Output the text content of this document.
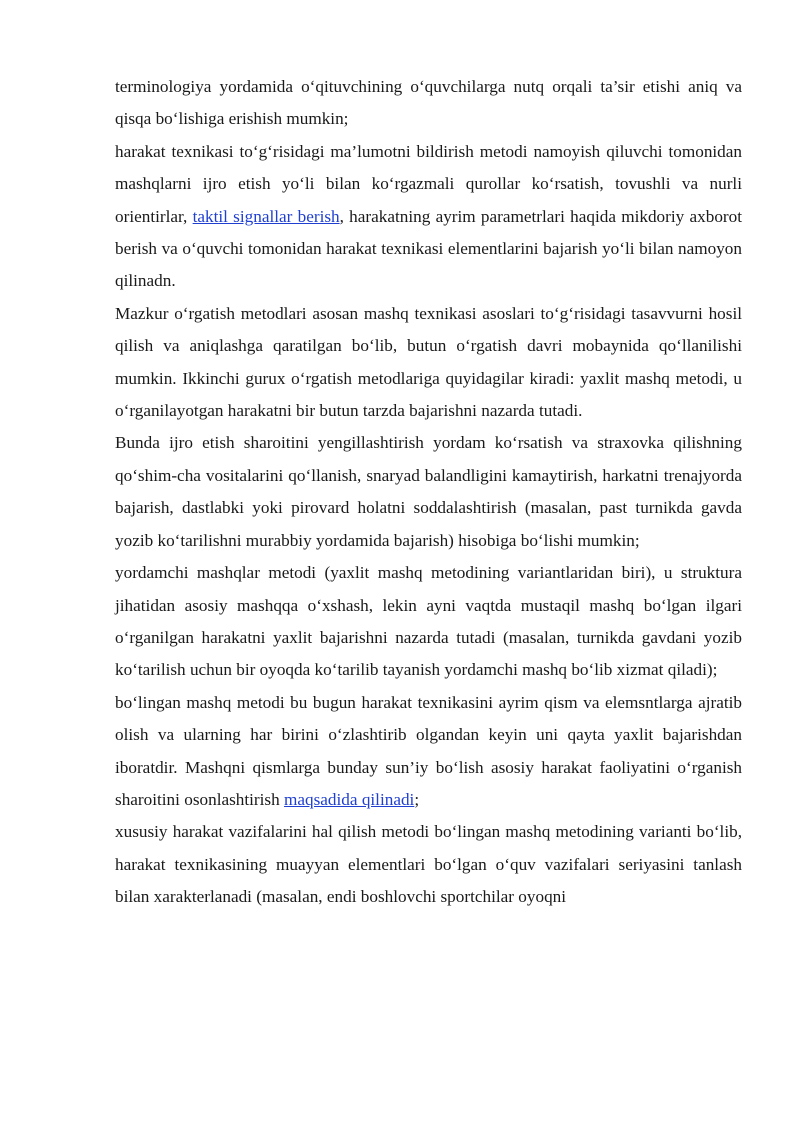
terminologiya yordamida o‘qituvchining o‘quvchilarga nutq orqali ta’sir etishi aniq va qisqa bo‘lishiga erishish mumkin;

harakat texnikasi to‘g‘risidagi ma’lumotni bildirish metodi namoyish qiluvchi tomonidan mashqlarni ijro etish yo‘li bilan ko‘rgazmali qurollar ko‘rsatish, tovushli va nurli orientirlar, taktil signallar berish, harakatning ayrim parametrlari haqida mikdoriy axborot berish va o‘quvchi tomonidan harakat texnikasi elementlarini bajarish yo‘li bilan namoyon qilinadn.

Mazkur o‘rgatish metodlari asosan mashq texnikasi asoslari to‘g‘risidagi tasavvurni hosil qilish va aniqlashga qaratilgan bo‘lib, butun o‘rgatish davri mobaynida qo‘llanilishi mumkin. Ikkinchi gurux o‘rgatish metodlariga quyidagilar kiradi: yaxlit mashq metodi, u o‘rganilayotgan harakatni bir butun tarzda bajarishni nazarda tutadi.

Bunda ijro etish sharoitini yengillashtirish yordam ko‘rsatish va straxovka qilishning qo‘shim-cha vositalarini qo‘llanish, snaryad balandligini kamaytirish, harkatni trenajyorda bajarish, dastlabki yoki pirovard holatni soddalashtirish (masalan, past turnikda gavda yozib ko‘tarilishni murabbiy yordamida bajarish) hisobiga bo‘lishi mumkin;

yordamchi mashqlar metodi (yaxlit mashq metodining variantlaridan biri), u struktura jihatidan asosiy mashqqa o‘xshash, lekin ayni vaqtda mustaqil mashq bo‘lgan ilgari o‘rganilgan harakatni yaxlit bajarishni nazarda tutadi (masalan, turnikda gavdani yozib ko‘tarilish uchun bir oyoqda ko‘tarilib tayanish yordamchi mashq bo‘lib xizmat qiladi);

bo‘lingan mashq metodi bu bugun harakat texnikasini ayrim qism va elemsntlarga ajratib olish va ularning har birini o‘zlashtirib olgandan keyin uni qayta yaxlit bajarishdan iboratdir. Mashqni qismlarga bunday sun’iy bo‘lish asosiy harakat faoliyatini o‘rganish sharoitini osonlashtirish maqsadida qilinadi;

xususiy harakat vazifalarini hal qilish metodi bo‘lingan mashq metodining varianti bo‘lib, harakat texnikasining muayyan elementlari bo‘lgan o‘quv vazifalari seriyasini tanlash bilan xarakterlanadi (masalan, endi boshlovchi sportchilar oyoqni
